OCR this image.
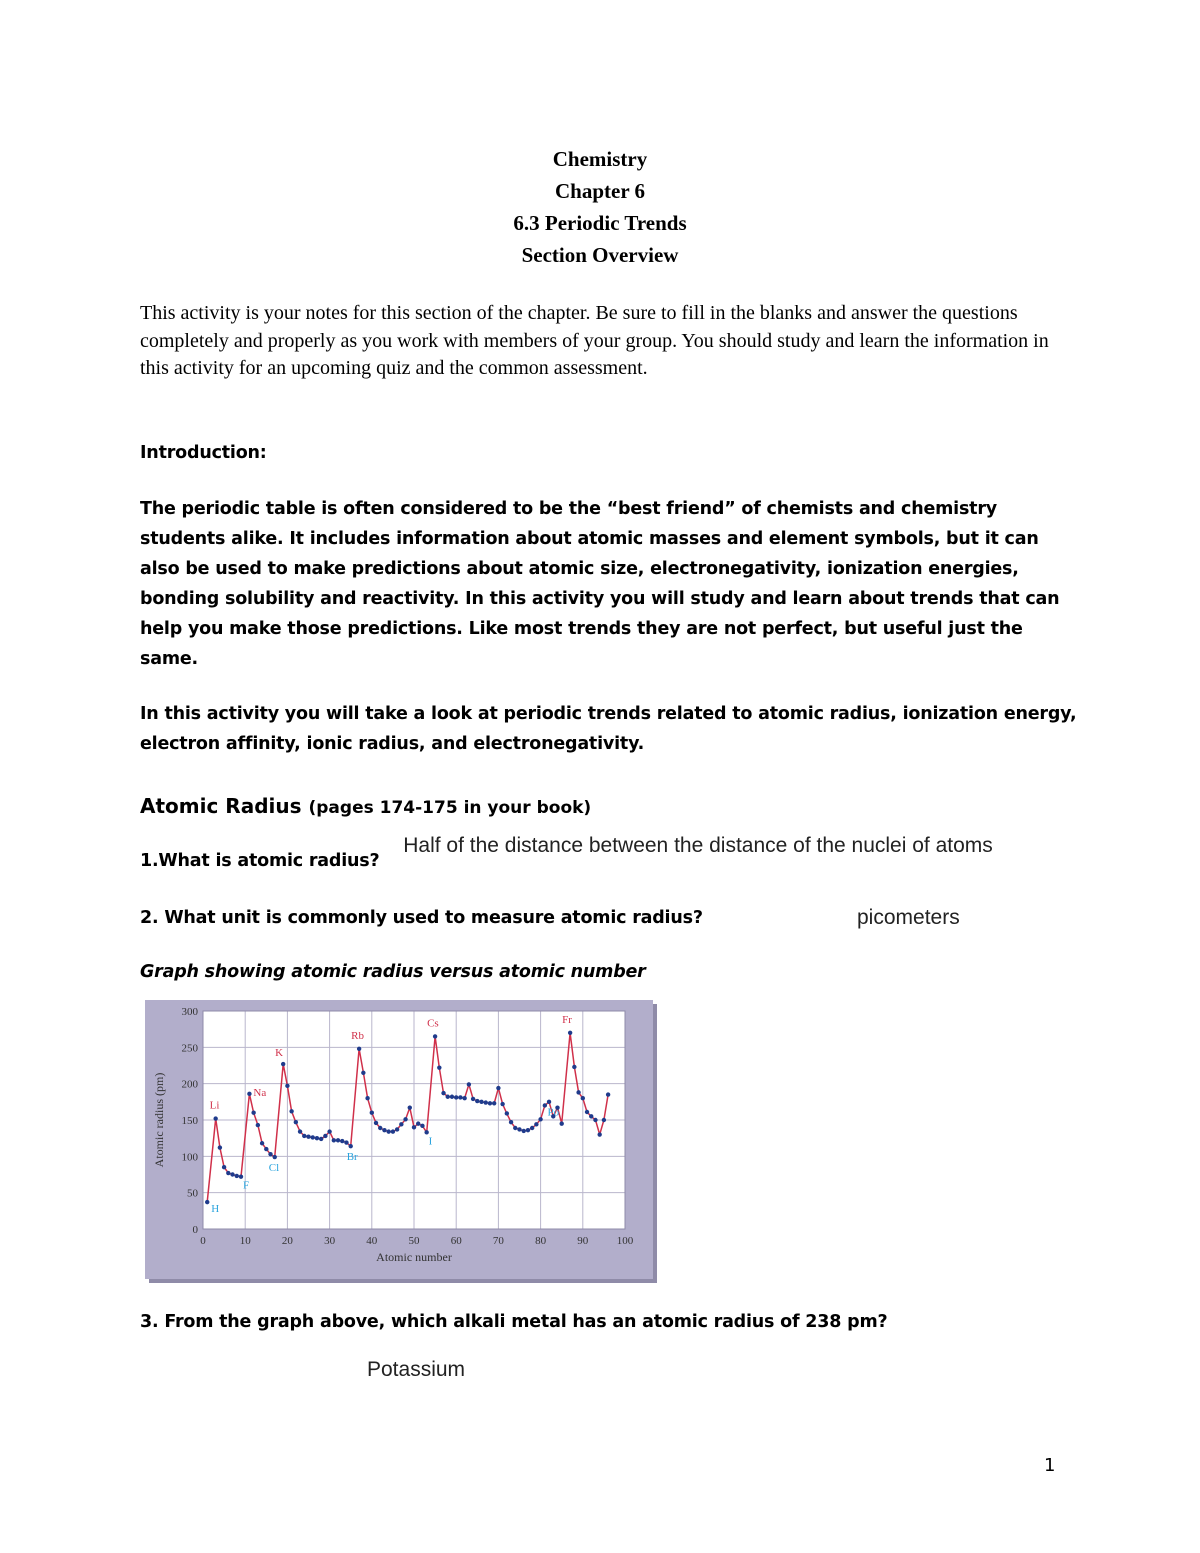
Chemistry
Chapter 6
6.3 Periodic Trends
Section Overview
This activity is your notes for this section of the chapter. Be sure to fill in the blanks and answer the questions completely and properly as you work with members of your group. You should study and learn the information in this activity for an upcoming quiz and the common assessment.
Introduction:

The periodic table is often considered to be the “best friend” of chemists and chemistry students alike. It includes information about atomic masses and element symbols, but it can also be used to make predictions about atomic size, electronegativity, ionization energies, bonding solubility and reactivity. In this activity you will study and learn about trends that can help you make those predictions. Like most trends they are not perfect, but useful just the same.

In this activity you will take a look at periodic trends related to atomic radius, ionization energy, electron affinity, ionic radius, and electronegativity.

Atomic Radius (pages 174-175 in your book)
1.What is atomic radius?
Half of the distance between the distance of the nuclei of atoms
2. What unit is commonly used to measure atomic radius?	picometers
Graph showing atomic radius versus atomic number
0	10	20	30	40	50	60	70	80	90	100
0
50
100
150
200
250
300
Atomic number
Atomic radius (pm)
H
Li
F
Na
Cl
K
Br
Rb
I
Cs
Po
Fr
3. From the graph above, which alkali metal has an atomic radius of 238 pm?
Potassium
1
